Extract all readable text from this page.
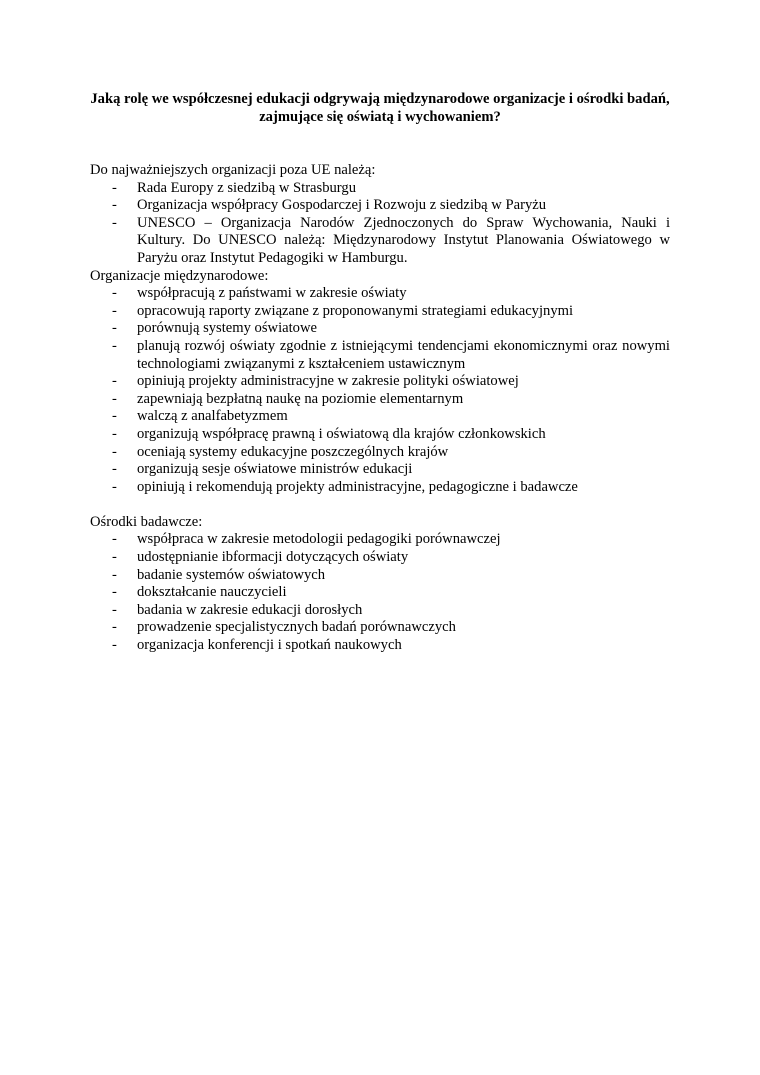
Jaką rolę we współczesnej edukacji odgrywają międzynarodowe organizacje i ośrodki badań, zajmujące się oświatą i wychowaniem?

Do najważniejszych organizacji poza UE należą:

- Rada Europy z siedzibą w Strasburgu
- Organizacja współpracy Gospodarczej i Rozwoju z siedzibą w Paryżu
- UNESCO – Organizacja Narodów Zjednoczonych do Spraw Wychowania, Nauki i Kultury. Do UNESCO należą: Międzynarodowy Instytut Planowania Oświatowego w Paryżu oraz Instytut Pedagogiki w Hamburgu.

Organizacje międzynarodowe:

- współpracują z państwami w zakresie oświaty
- opracowują raporty związane z proponowanymi strategiami edukacyjnymi
- porównują systemy oświatowe
- planują rozwój oświaty zgodnie z istniejącymi tendencjami ekonomicznymi oraz nowymi technologiami związanymi z kształceniem ustawicznym
- opiniują projekty administracyjne w zakresie polityki oświatowej
- zapewniają bezpłatną naukę na poziomie elementarnym
- walczą z analfabetyzmem
- organizują współpracę prawną i oświatową dla krajów członkowskich
- oceniają systemy edukacyjne poszczególnych krajów
- organizują sesje oświatowe ministrów edukacji
- opiniują i rekomendują projekty administracyjne, pedagogiczne i badawcze

Ośrodki badawcze:

- współpraca w zakresie metodologii pedagogiki porównawczej
- udostępnianie ibformacji dotyczących oświaty
- badanie systemów oświatowych
- dokształcanie nauczycieli
- badania w zakresie edukacji dorosłych
- prowadzenie specjalistycznych badań porównawczych
- organizacja konferencji i spotkań naukowych
